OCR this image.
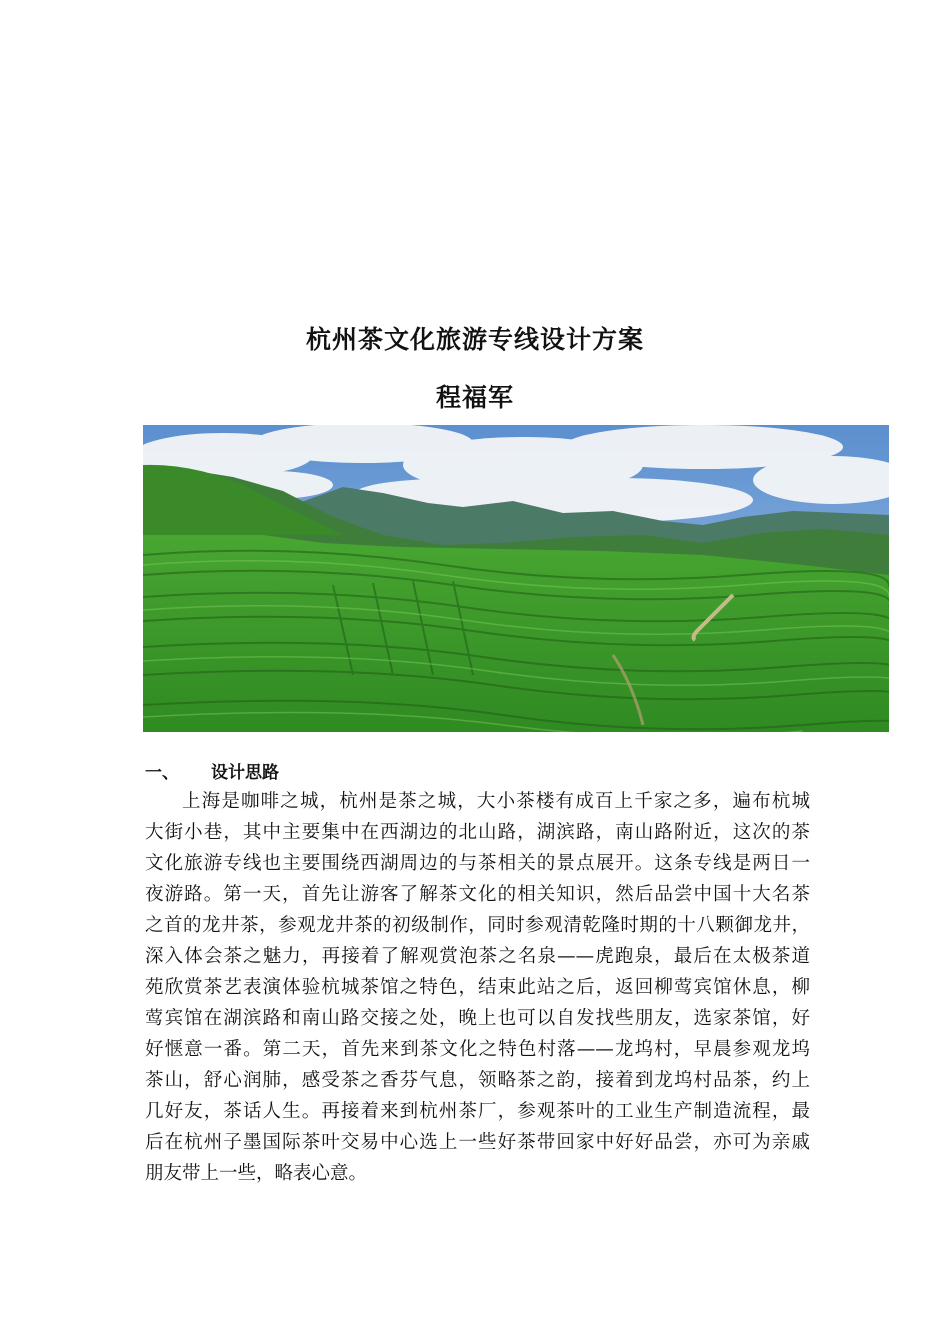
杭州茶文化旅游专线设计方案
程福军
一、 设计思路
上海是咖啡之城，杭州是茶之城，大小茶楼有成百上千家之多，遍布杭城
大街小巷，其中主要集中在西湖边的北山路，湖滨路，南山路附近，这次的茶
文化旅游专线也主要围绕西湖周边的与茶相关的景点展开。这条专线是两日一
夜游路。第一天，首先让游客了解茶文化的相关知识，然后品尝中国十大名茶
之首的龙井茶，参观龙井茶的初级制作，同时参观清乾隆时期的十八颗御龙井，
深入体会茶之魅力，再接着了解观赏泡茶之名泉——虎跑泉，最后在太极茶道
苑欣赏茶艺表演体验杭城茶馆之特色，结束此站之后，返回柳莺宾馆休息，柳
莺宾馆在湖滨路和南山路交接之处，晚上也可以自发找些朋友，选家茶馆，好
好惬意一番。第二天，首先来到茶文化之特色村落——龙坞村，早晨参观龙坞
茶山，舒心润肺，感受茶之香芬气息，领略茶之韵，接着到龙坞村品茶，约上
几好友，茶话人生。再接着来到杭州茶厂，参观茶叶的工业生产制造流程，最
后在杭州子墨国际茶叶交易中心选上一些好茶带回家中好好品尝，亦可为亲戚
朋友带上一些，略表心意。
